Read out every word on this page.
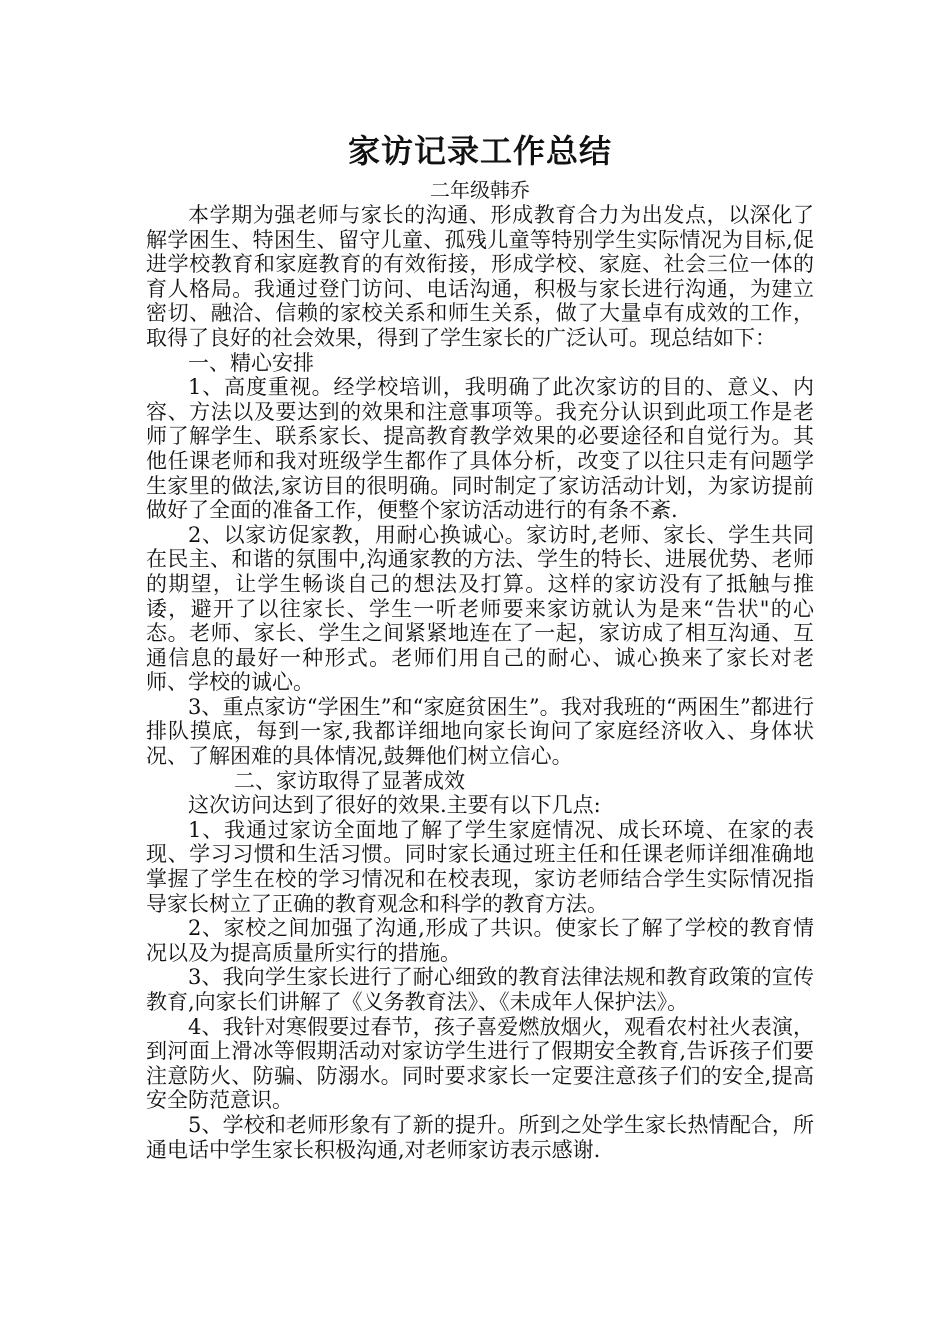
家访记录工作总结

二年级韩乔

本学期为强老师与家长的沟通、形成教育合力为出发点，以深化了解学困生、特困生、留守儿童、孤残儿童等特别学生实际情况为目标,促进学校教育和家庭教育的有效衔接，形成学校、家庭、社会三位一体的育人格局。我通过登门访问、电话沟通，积极与家长进行沟通，为建立密切、融洽、信赖的家校关系和师生关系，做了大量卓有成效的工作，取得了良好的社会效果，得到了学生家长的广泛认可。现总结如下：

一、精心安排

1、高度重视。经学校培训，我明确了此次家访的目的、意义、内容、方法以及要达到的效果和注意事项等。我充分认识到此项工作是老师了解学生、联系家长、提高教育教学效果的必要途径和自觉行为。其他任课老师和我对班级学生都作了具体分析，改变了以往只走有问题学生家里的做法,家访目的很明确。同时制定了家访活动计划，为家访提前做好了全面的准备工作，便整个家访活动进行的有条不紊.

2、以家访促家教，用耐心换诚心。家访时,老师、家长、学生共同在民主、和谐的氛围中,沟通家教的方法、学生的特长、进展优势、老师的期望，让学生畅谈自己的想法及打算。这样的家访没有了抵触与推诿，避开了以往家长、学生一听老师要来家访就认为是来“告状"的心态。老师、家长、学生之间紧紧地连在了一起，家访成了相互沟通、互通信息的最好一种形式。老师们用自己的耐心、诚心换来了家长对老师、学校的诚心。

3、重点家访“学困生”和“家庭贫困生”。我对我班的“两困生”都进行排队摸底，每到一家,我都详细地向家长询问了家庭经济收入、身体状况、了解困难的具体情况,鼓舞他们树立信心。

二、家访取得了显著成效

这次访问达到了很好的效果.主要有以下几点:

1、我通过家访全面地了解了学生家庭情况、成长环境、在家的表现、学习习惯和生活习惯。同时家长通过班主任和任课老师详细准确地掌握了学生在校的学习情况和在校表现，家访老师结合学生实际情况指导家长树立了正确的教育观念和科学的教育方法。

2、家校之间加强了沟通,形成了共识。使家长了解了学校的教育情况以及为提高质量所实行的措施。

3、我向学生家长进行了耐心细致的教育法律法规和教育政策的宣传教育,向家长们讲解了《义务教育法》、《未成年人保护法》。

4、我针对寒假要过春节，孩子喜爱燃放烟火，观看农村社火表演，到河面上滑冰等假期活动对家访学生进行了假期安全教育,告诉孩子们要注意防火、防骗、防溺水。同时要求家长一定要注意孩子们的安全,提高安全防范意识。

5、学校和老师形象有了新的提升。所到之处学生家长热情配合，所通电话中学生家长积极沟通,对老师家访表示感谢.
